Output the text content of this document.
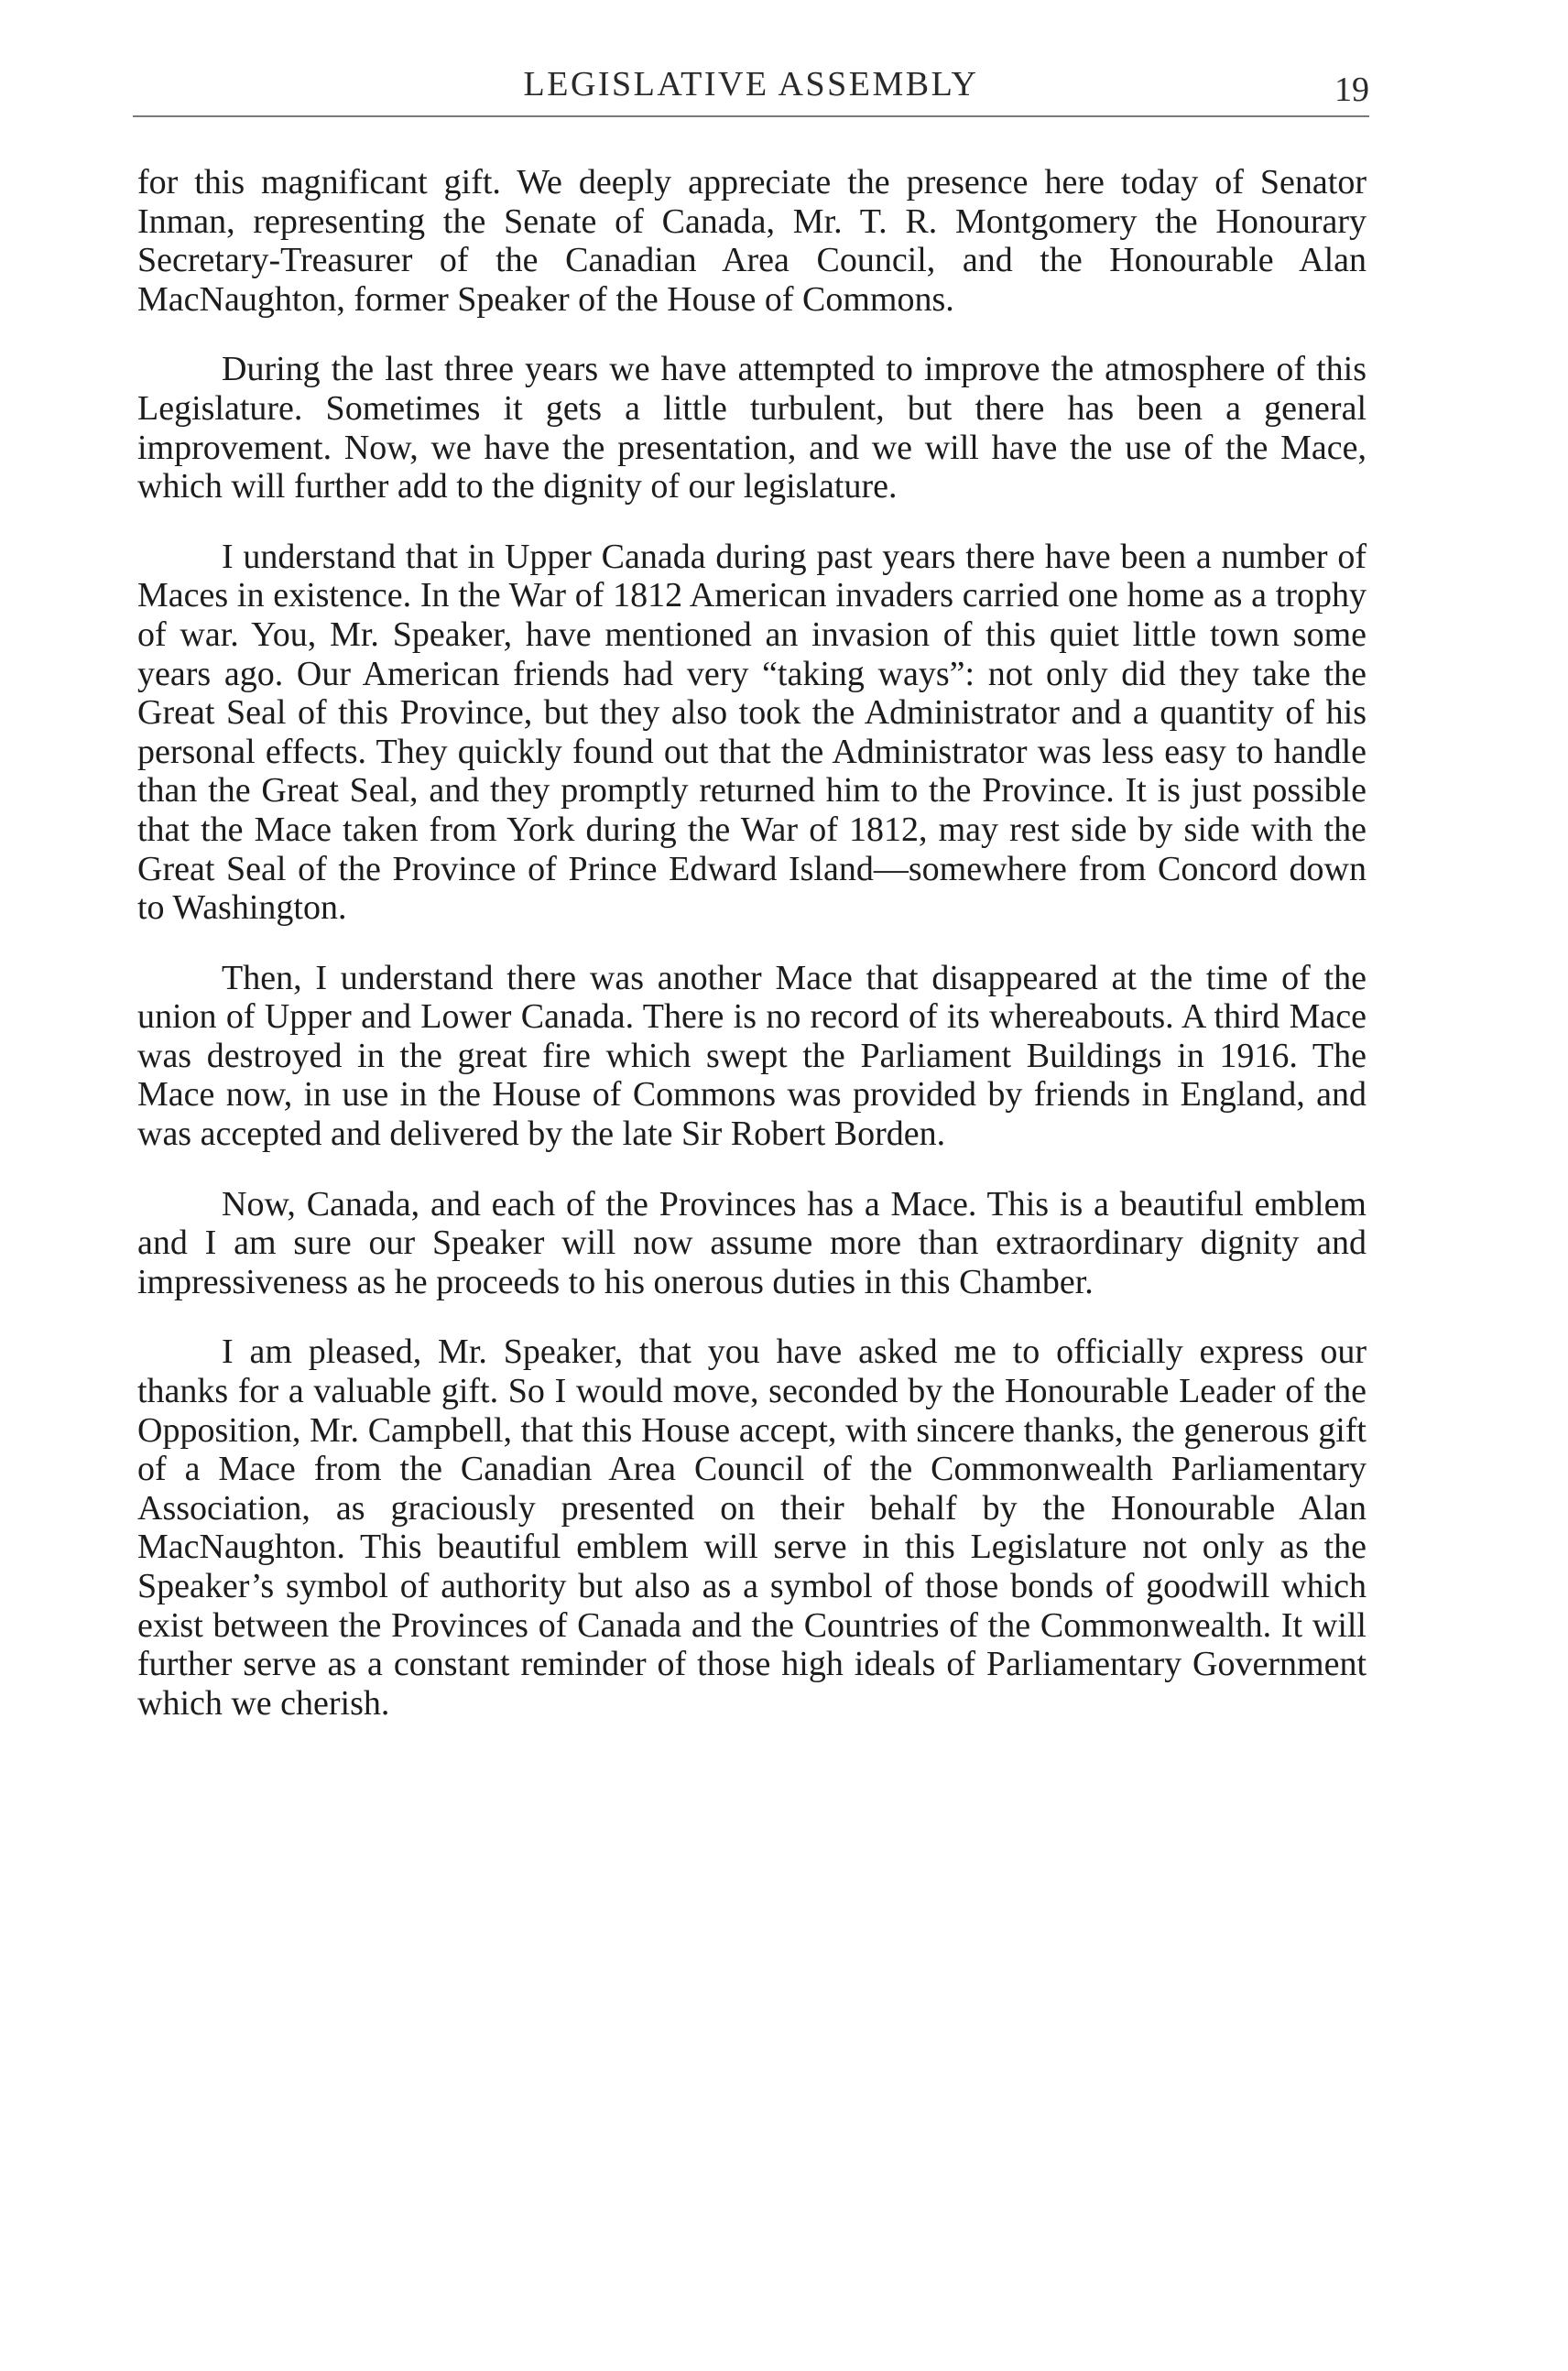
LEGISLATIVE ASSEMBLY	19

for this magnificant gift. We deeply appreciate the presence here today of Senator Inman, representing the Senate of Canada, Mr. T. R. Montgomery the Honourary Secretary-Treasurer of the Canadian Area Council, and the Honourable Alan MacNaughton, former Speaker of the House of Commons.

During the last three years we have attempted to improve the atmosphere of this Legislature. Sometimes it gets a little turbulent, but there has been a general improvement. Now, we have the presentation, and we will have the use of the Mace, which will further add to the dignity of our legislature.

I understand that in Upper Canada during past years there have been a number of Maces in existence. In the War of 1812 American invaders carried one home as a trophy of war. You, Mr. Speaker, have mentioned an invasion of this quiet little town some years ago. Our American friends had very “taking ways”: not only did they take the Great Seal of this Province, but they also took the Administrator and a quantity of his personal effects. They quickly found out that the Administrator was less easy to handle than the Great Seal, and they promptly returned him to the Province. It is just possible that the Mace taken from York during the War of 1812, may rest side by side with the Great Seal of the Province of Prince Edward Island—somewhere from Concord down to Washington.

Then, I understand there was another Mace that disappeared at the time of the union of Upper and Lower Canada. There is no record of its whereabouts. A third Mace was destroyed in the great fire which swept the Parliament Buildings in 1916. The Mace now, in use in the House of Commons was provided by friends in England, and was accepted and delivered by the late Sir Robert Borden.

Now, Canada, and each of the Provinces has a Mace. This is a beautiful emblem and I am sure our Speaker will now assume more than extraordinary dignity and impressiveness as he proceeds to his onerous duties in this Chamber.

I am pleased, Mr. Speaker, that you have asked me to officially express our thanks for a valuable gift. So I would move, seconded by the Honourable Leader of the Opposition, Mr. Campbell, that this House accept, with sincere thanks, the generous gift of a Mace from the Canadian Area Council of the Commonwealth Parliamentary Association, as graciously presented on their behalf by the Honourable Alan MacNaughton. This beautiful emblem will serve in this Legislature not only as the Speaker’s symbol of authority but also as a symbol of those bonds of goodwill which exist between the Provinces of Canada and the Countries of the Commonwealth. It will further serve as a constant reminder of those high ideals of Parliamentary Government which we cherish.
